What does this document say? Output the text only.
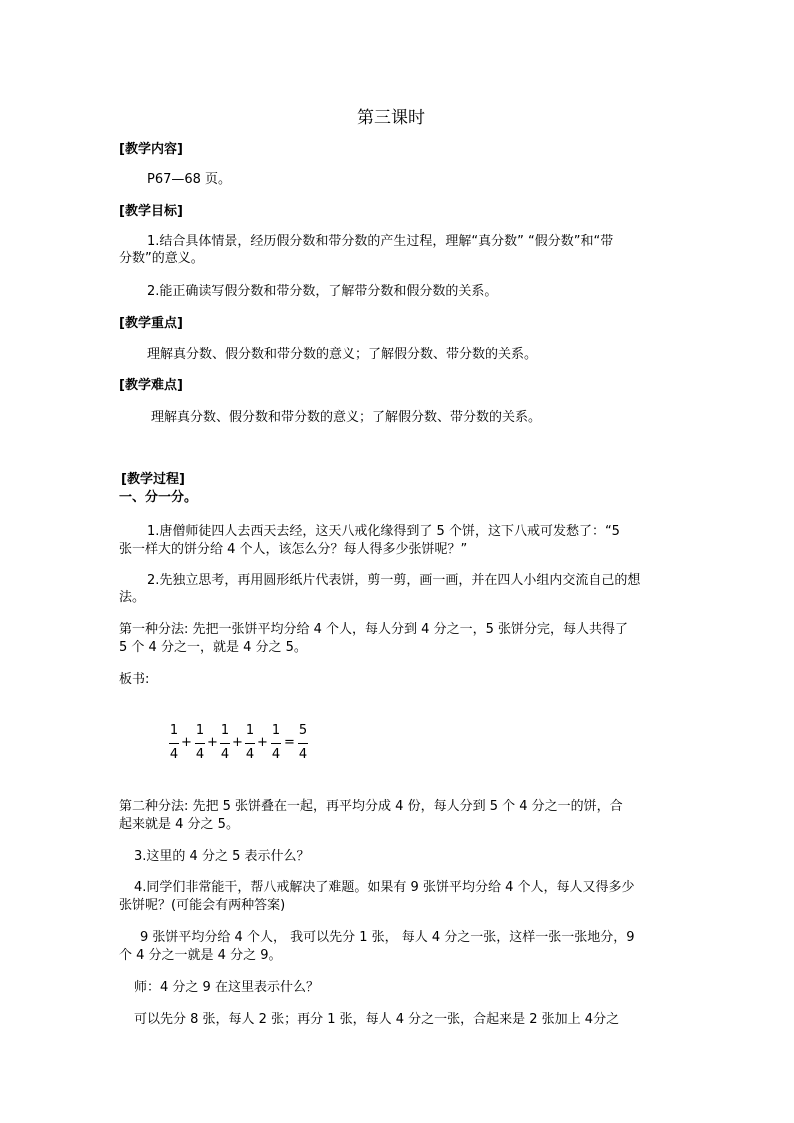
第三课时
[教学内容]
P67—68 页。
[教学目标]
1.结合具体情景，经历假分数和带分数的产生过程，理解“真分数” “假分数”和“带
分数”的意义。
2.能正确读写假分数和带分数，了解带分数和假分数的关系。
[教学重点]
理解真分数、假分数和带分数的意义；了解假分数、带分数的关系。
[教学难点]
理解真分数、假分数和带分数的意义；了解假分数、带分数的关系。
[教学过程]
一、分一分。
1.唐僧师徒四人去西天去经，这天八戒化缘得到了 5 个饼，这下八戒可发愁了：“5
张一样大的饼分给 4 个人，该怎么分？每人得多少张饼呢？”
2.先独立思考，再用圆形纸片代表饼，剪一剪，画一画，并在四人小组内交流自己的想
法。
第一种分法: 先把一张饼平均分给 4 个人，每人分到 4 分之一，5 张饼分完，每人共得了
5 个 4 分之一，就是 4 分之 5。
板书:
1
4
+
1
4
+
1
4
+
1
4
+
1
4
=
5
4
第二种分法: 先把 5 张饼叠在一起，再平均分成 4 份，每人分到 5 个 4 分之一的饼，合
起来就是 4 分之 5。
3.这里的 4 分之 5 表示什么？
4.同学们非常能干，帮八戒解决了难题。如果有 9 张饼平均分给 4 个人，每人又得多少
张饼呢？(可能会有两种答案)
9 张饼平均分给 4 个人， 我可以先分 1 张， 每人 4 分之一张，这样一张一张地分，9
个 4 分之一就是 4 分之 9。
师：4 分之 9 在这里表示什么？
可以先分 8 张，每人 2 张；再分 1 张，每人 4 分之一张，合起来是 2 张加上 4分之
